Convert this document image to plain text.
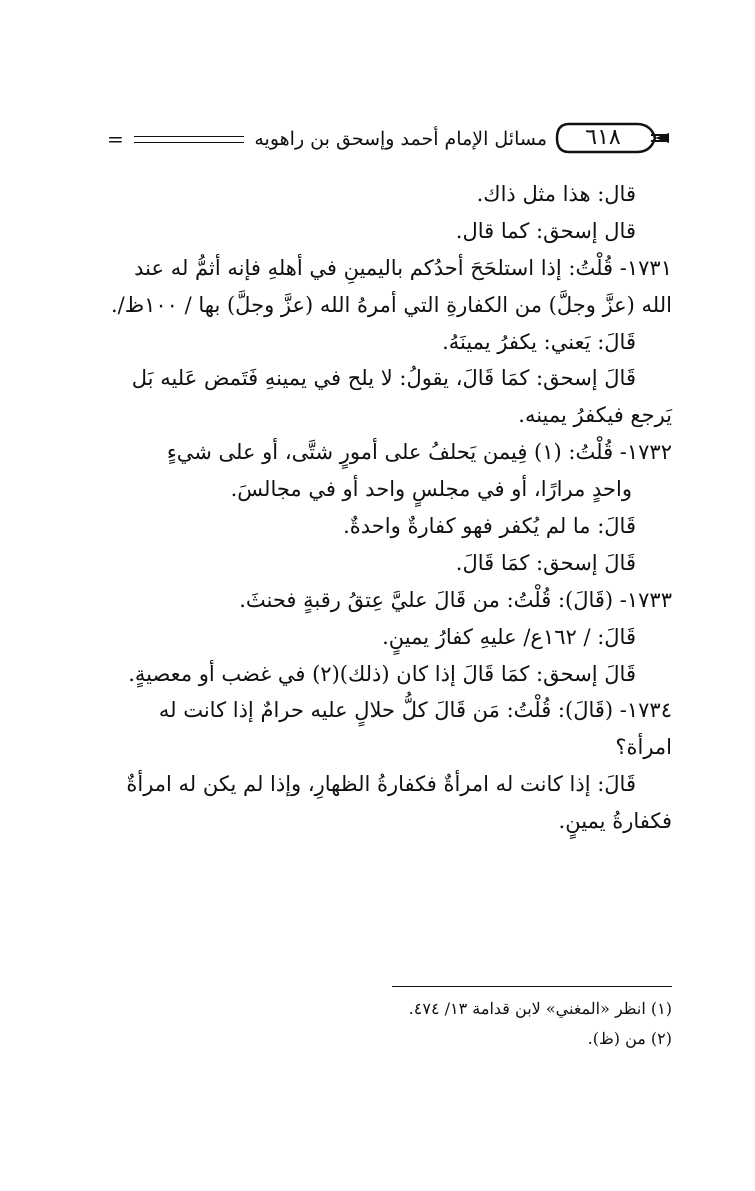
٦١٨
مسائل الإمام أحمد وإسحق بن راهويه
=
قال: هذا مثل ذاك.
قال إسحق: كما قال.
١٧٣١- قُلْتُ: إذا استلحَحَ أحدُكم باليمينِ في أهلهِ فإنه أثمُّ له عند
الله (عزَّ وجلَّ) من الكفارةِ التي أمرهُ الله (عزَّ وجلَّ) بها / ١٠٠ظ/.
قَالَ: يَعني: يكفرُ يمينَهُ.
قَالَ إسحق: كمَا قَالَ، يقولُ: لا يلح في يمينهِ فَتَمض عَليه بَل
يَرجع فيكفرُ يمينه.
١٧٣٢- قُلْتُ: (١) فِيمن يَحلفُ على أمورٍ شتَّى، أو على شيءٍ
واحدٍ مرارًا، أو في مجلسٍ واحد أو في مجالسَ.
قَالَ: ما لم يُكفر فهو كفارةٌ واحدةٌ.
قَالَ إسحق: كمَا قَالَ.
١٧٣٣- (قَالَ): قُلْتُ: من قَالَ عليَّ عِتقُ رقبةٍ فحنثَ.
قَالَ: / ١٦٢ع/ عليهِ كفارُ يمينٍ.
قَالَ إسحق: كمَا قَالَ إذا كان (ذلك)(٢) في غضب أو معصيةٍ.
١٧٣٤- (قَالَ): قُلْتُ: مَن قَالَ كلُّ حلالٍ عليه حرامٌ إذا كانت له
امرأة؟
قَالَ: إذا كانت له امرأةٌ فكفارةُ الظهارِ، وإذا لم يكن له امرأةٌ
فكفارةُ يمينٍ.
(١) انظر «المغني» لابن قدامة ١٣/ ٤٧٤.
(٢) من (ظ).
